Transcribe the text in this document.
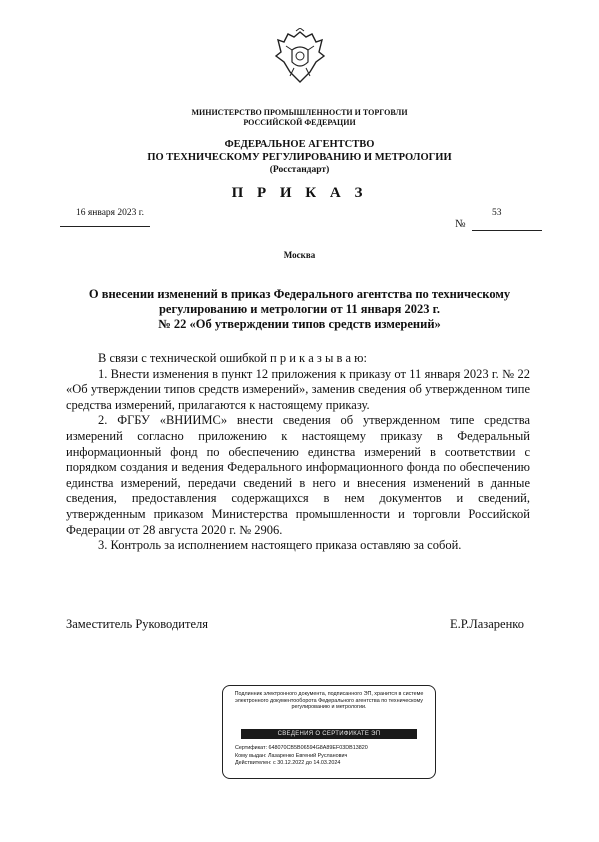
МИНИСТЕРСТВО ПРОМЫШЛЕННОСТИ И ТОРГОВЛИ
РОССИЙСКОЙ ФЕДЕРАЦИИ
ФЕДЕРАЛЬНОЕ АГЕНТСТВО
ПО ТЕХНИЧЕСКОМУ РЕГУЛИРОВАНИЮ И МЕТРОЛОГИИ
(Росстандарт)
П Р И К А З
16 января 2023 г.	53
№
Москва
О внесении изменений в приказ Федерального агентства по техническому
регулированию и метрологии от 11 января 2023 г.
№ 22 «Об утверждении типов средств измерений»

В связи с технической ошибкой п р и к а з ы в а ю:

1. Внести изменения в пункт 12 приложения к приказу от 11 января 2023 г. № 22 «Об утверждении типов средств измерений», заменив сведения об утвержденном типе средства измерений, прилагаются к настоящему приказу.

2. ФГБУ «ВНИИМС» внести сведения об утвержденном типе средства измерений согласно приложению к настоящему приказу в Федеральный информационный фонд по обеспечению единства измерений в соответствии с порядком создания и ведения Федерального информационного фонда по обеспечению единства измерений, передачи сведений в него и внесения изменений в данные сведения, предоставления содержащихся в нем документов и сведений, утвержденным приказом Министерства промышленности и торговли Российской Федерации от 28 августа 2020 г. № 2906.

3. Контроль за исполнением настоящего приказа оставляю за собой.

Заместитель Руководителя	Е.Р.Лазаренко
Подлинник электронного документа, подписанного ЭП, хранится в системе электронного документооборота Федерального агентства по техническому регулированию и метрологии.
СВЕДЕНИЯ О СЕРТИФИКАТЕ ЭП
Сертификат: 648070CB5B06594G8A89EF03DB13820
Кому выдан: Лазаренко Евгений Русланович
Действителен: с 30.12.2022 до 14.03.2024
